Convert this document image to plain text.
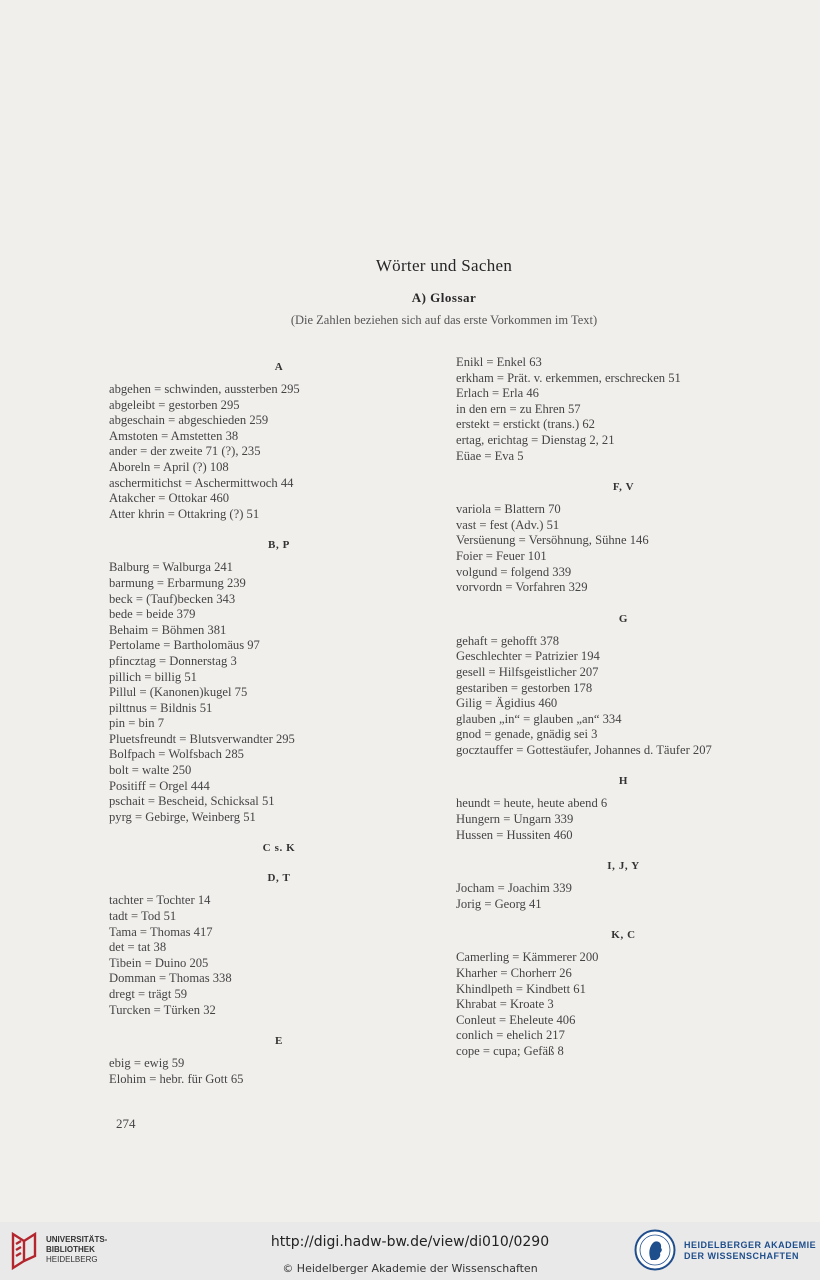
Wörter und Sachen
A) Glossar
(Die Zahlen beziehen sich auf das erste Vorkommen im Text)
A
abgehen = schwinden, aussterben 295
abgeleibt = gestorben 295
abgeschain = abgeschieden 259
Amstoten = Amstetten 38
ander = der zweite 71 (?), 235
Aboreln = April (?) 108
aschermitichst = Aschermittwoch 44
Atakcher = Ottokar 460
Atter khrin = Ottakring (?) 51
B, P
Balburg = Walburga 241
barmung = Erbarmung 239
beck = (Tauf)becken 343
bede = beide 379
Behaim = Böhmen 381
Pertolame = Bartholomäus 97
pfincztag = Donnerstag 3
pillich = billig 51
Pillul = (Kanonen)kugel 75
pilttnus = Bildnis 51
pin = bin 7
Pluetsfreundt = Blutsverwandter 295
Bolfpach = Wolfsbach 285
bolt = walte 250
Positiff = Orgel 444
pschait = Bescheid, Schicksal 51
pyrg = Gebirge, Weinberg 51
C s. K
D, T
tachter = Tochter 14
tadt = Tod 51
Tama = Thomas 417
det = tat 38
Tibein = Duino 205
Domman = Thomas 338
dregt = trägt 59
Turcken = Türken 32
E
ebig = ewig 59
Elohim = hebr. für Gott 65
Enikl = Enkel 63
erkham = Prät. v. erkemmen, erschrecken 51
Erlach = Erla 46
in den ern = zu Ehren 57
erstekt = erstickt (trans.) 62
ertag, erichtag = Dienstag 2, 21
Eüae = Eva 5
F, V
variola = Blattern 70
vast = fest (Adv.) 51
Versüenung = Versöhnung, Sühne 146
Foier = Feuer 101
volgund = folgend 339
vorvordn = Vorfahren 329
G
gehaft = gehofft 378
Geschlechter = Patrizier 194
gesell = Hilfsgeistlicher 207
gestariben = gestorben 178
Gilig = Ägidius 460
glauben „in“ = glauben „an“ 334
gnod = genade, gnädig sei 3
gocztauffer = Gottestäufer, Johannes d. Täufer 207
H
heundt = heute, heute abend 6
Hungern = Ungarn 339
Hussen = Hussiten 460
I, J, Y
Jocham = Joachim 339
Jorig = Georg 41
K, C
Camerling = Kämmerer 200
Kharher = Chorherr 26
Khindlpeth = Kindbett 61
Khrabat = Kroate 3
Conleut = Eheleute 406
conlich = ehelich 217
cope = cupa; Gefäß 8
274
UNIVERSITÄTS-
BIBLIOTHEK
HEIDELBERG
http://digi.hadw-bw.de/view/di010/0290
© Heidelberger Akademie der Wissenschaften
HEIDELBERGER AKADEMIE
DER WISSENSCHAFTEN
